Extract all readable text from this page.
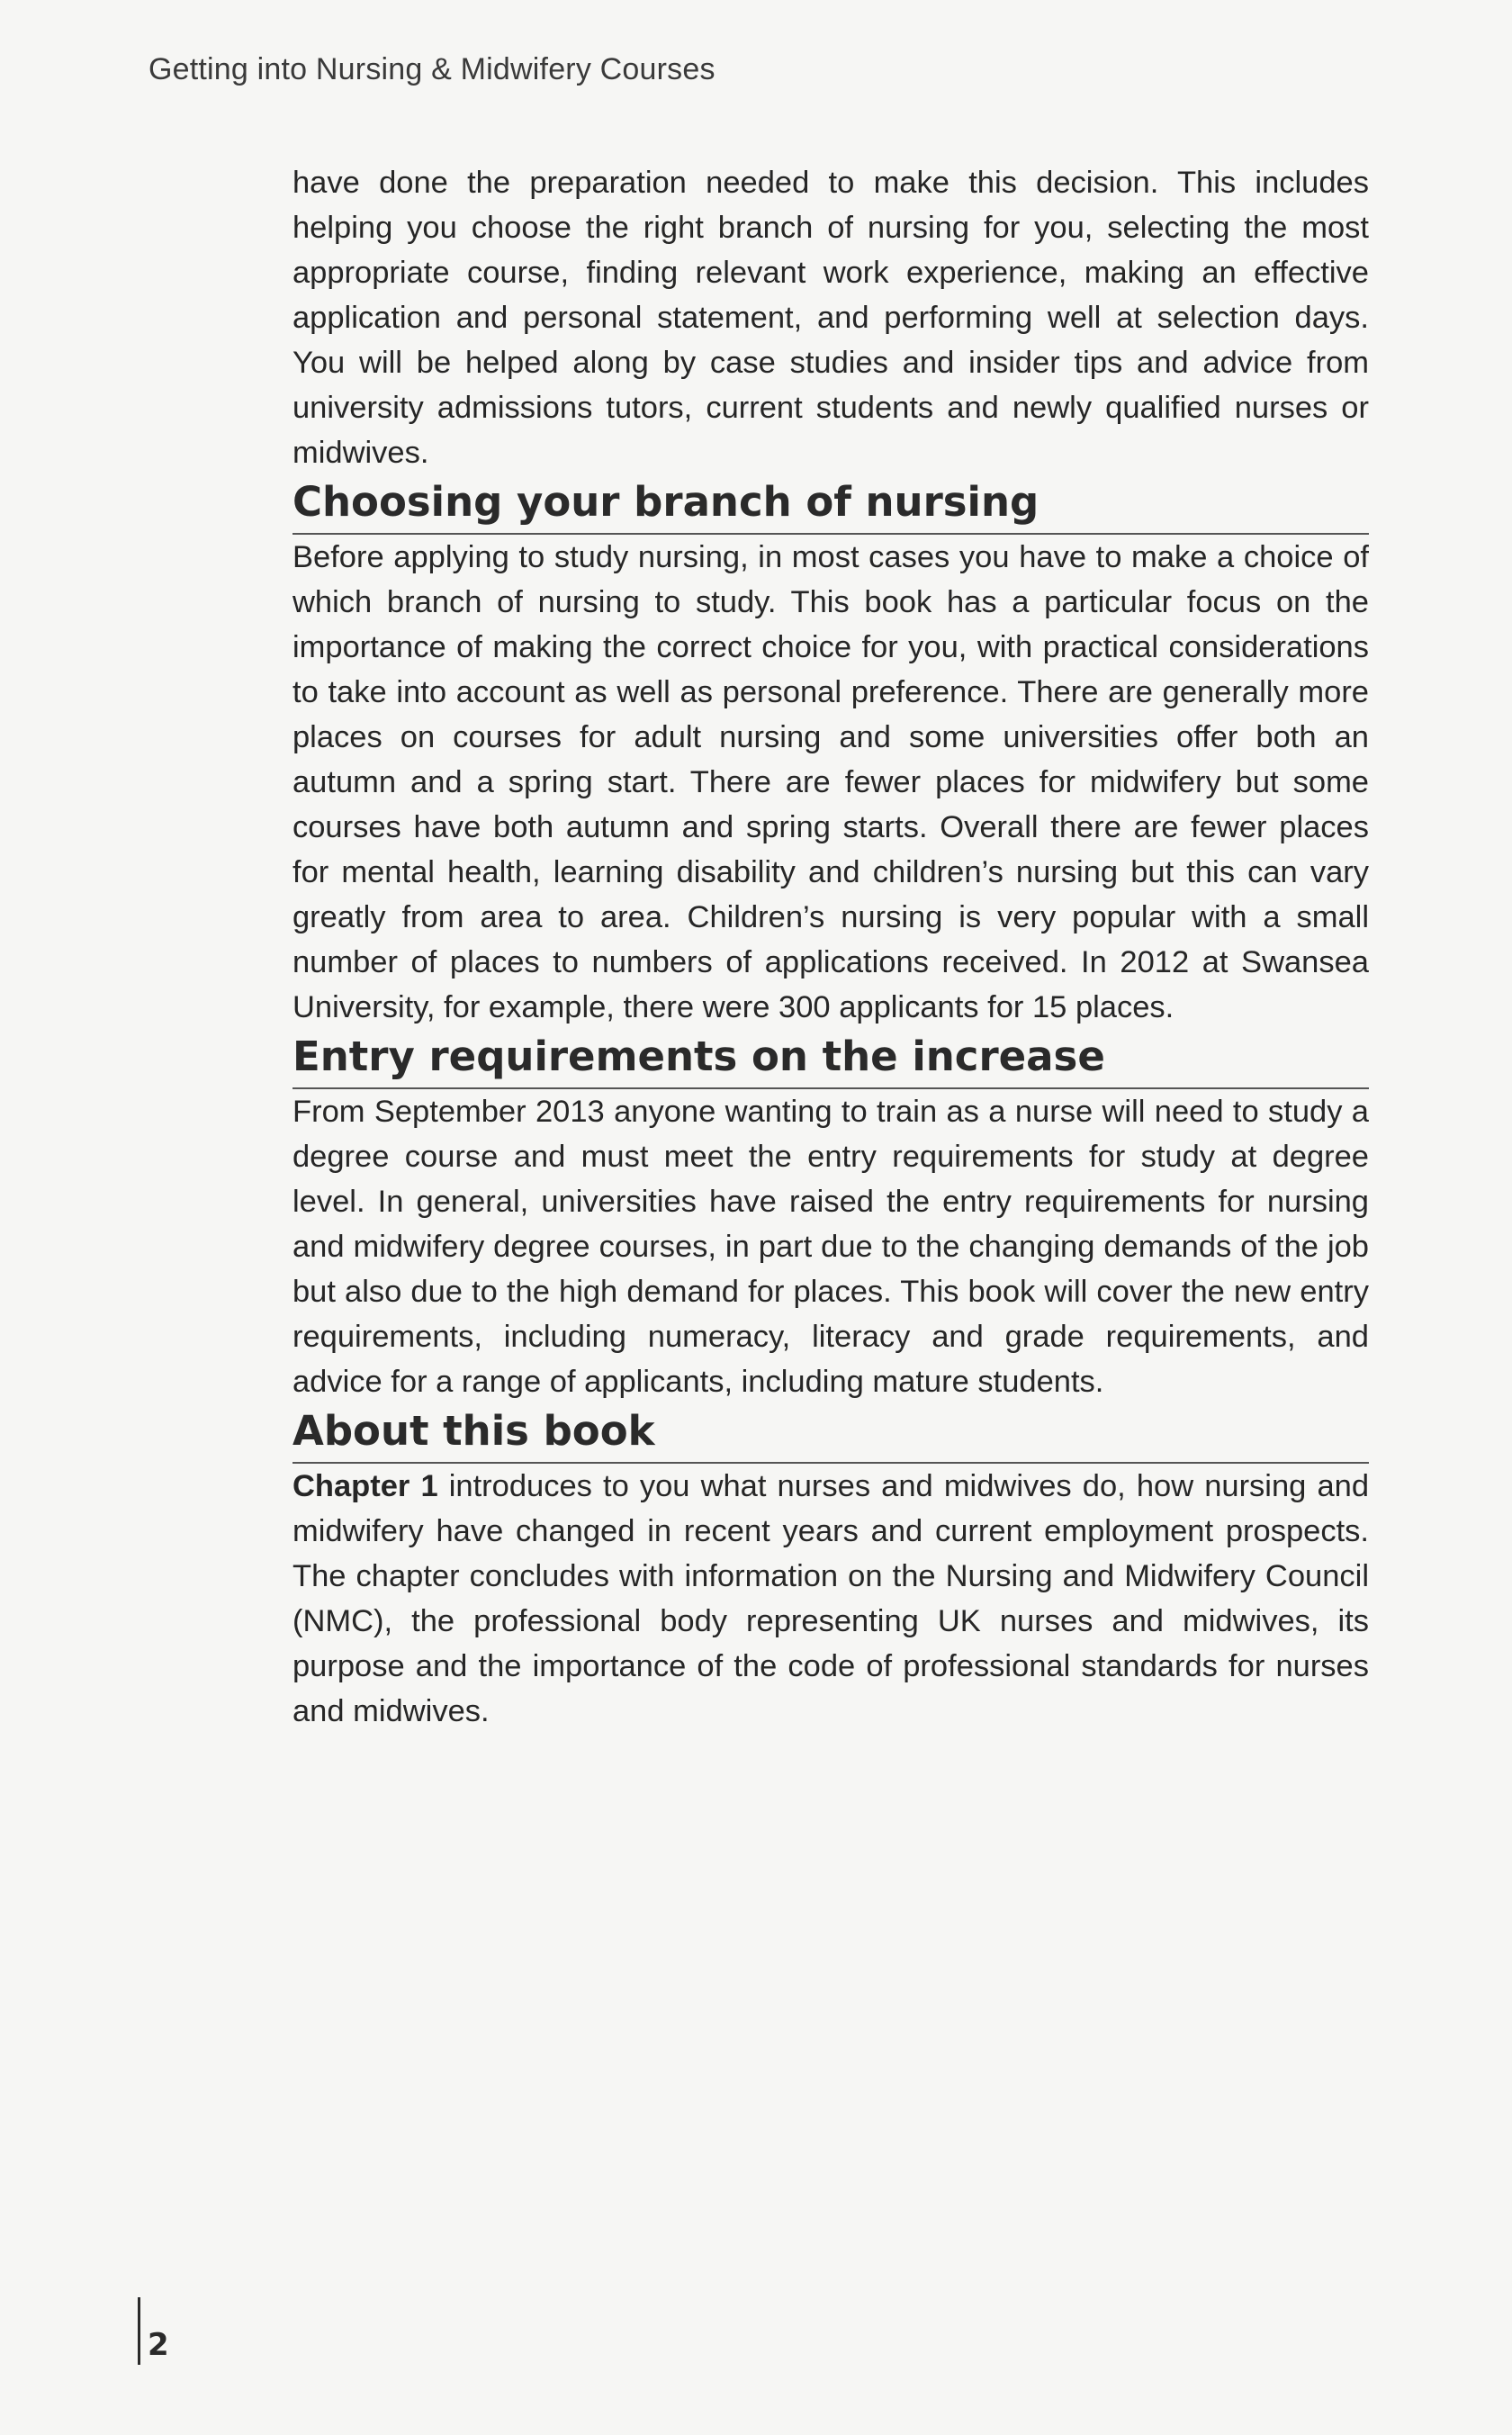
Getting into Nursing & Midwifery Courses

have done the preparation needed to make this decision. This includes helping you choose the right branch of nursing for you, selecting the most appropriate course, finding relevant work experience, making an effective application and personal statement, and performing well at selection days. You will be helped along by case studies and insider tips and advice from university admissions tutors, current students and newly qualified nurses or midwives.

Choosing your branch of nursing

Before applying to study nursing, in most cases you have to make a choice of which branch of nursing to study. This book has a particular focus on the importance of making the correct choice for you, with practical considerations to take into account as well as personal preference. There are generally more places on courses for adult nursing and some universities offer both an autumn and a spring start. There are fewer places for midwifery but some courses have both autumn and spring starts. Overall there are fewer places for mental health, learning disability and children’s nursing but this can vary greatly from area to area. Children’s nursing is very popular with a small number of places to numbers of applications received. In 2012 at Swansea University, for example, there were 300 applicants for 15 places.

Entry requirements on the increase

From September 2013 anyone wanting to train as a nurse will need to study a degree course and must meet the entry requirements for study at degree level. In general, universities have raised the entry requirements for nursing and midwifery degree courses, in part due to the changing demands of the job but also due to the high demand for places. This book will cover the new entry requirements, including numeracy, literacy and grade requirements, and advice for a range of applicants, including mature students.

About this book

Chapter 1 introduces to you what nurses and midwives do, how nursing and midwifery have changed in recent years and current employment prospects. The chapter concludes with information on the Nursing and Midwifery Council (NMC), the professional body representing UK nurses and midwives, its purpose and the importance of the code of professional standards for nurses and midwives.

2
